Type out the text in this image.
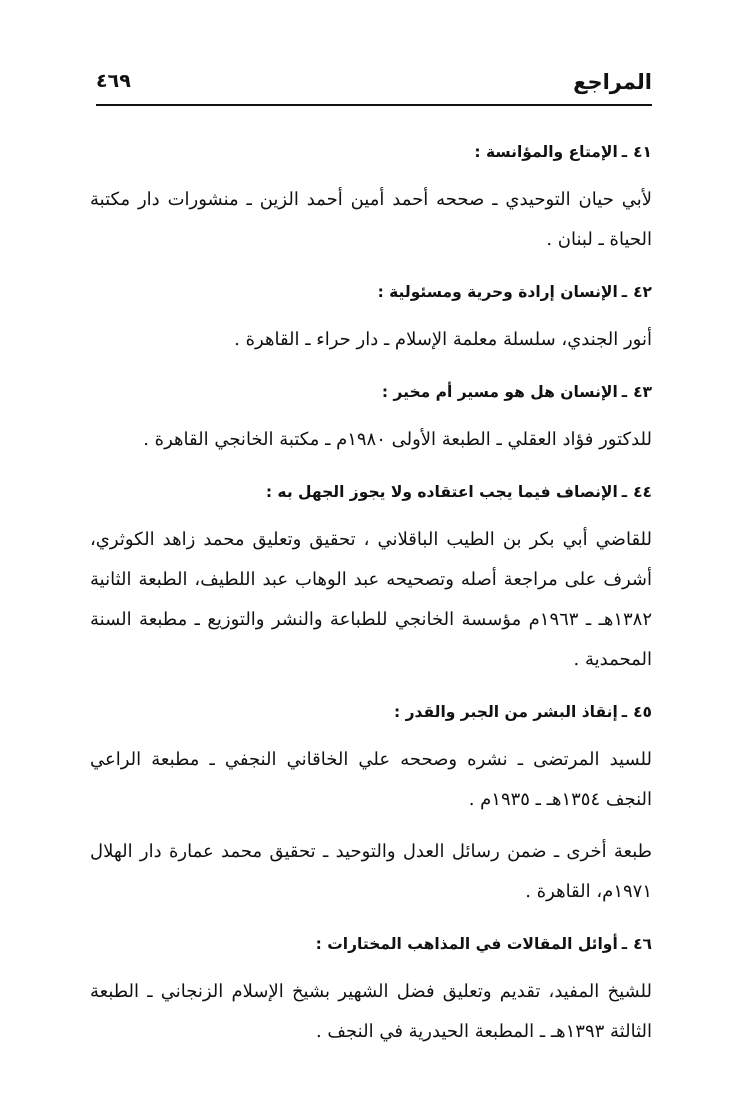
المراجع
٤٦٩
٤١ـالإمتاع والمؤانسة :

لأبي حيان التوحيدي ـ صححه أحمد أمين أحمد الزين ـ منشورات دار مكتبة الحياة ـ لبنان .

٤٢ـالإنسان إرادة وحرية ومسئولية :

أنور الجندي، سلسلة معلمة الإسلام ـ دار حراء ـ القاهرة .

٤٣ـالإنسان هل هو مسير أم مخير :

للدكتور فؤاد العقلي ـ الطبعة الأولى ١٩٨٠م ـ مكتبة الخانجي القاهرة .

٤٤ـالإنصاف فيما يجب اعتقاده ولا يجوز الجهل به :

للقاضي أبي بكر بن الطيب الباقلاني ، تحقيق وتعليق محمد زاهد الكوثري، أشرف على مراجعة أصله وتصحيحه عبد الوهاب عبد اللطيف، الطبعة الثانية ١٣٨٢هـ ـ ١٩٦٣م مؤسسة الخانجي للطباعة والنشر والتوزيع ـ مطبعة السنة المحمدية .

٤٥ـإنقاذ البشر من الجبر والقدر :

للسيد المرتضى ـ نشره وصححه علي الخاقاني النجفي ـ مطبعة الراعي النجف ١٣٥٤هـ ـ ١٩٣٥م .

طبعة أخرى ـ ضمن رسائل العدل والتوحيد ـ تحقيق محمد عمارة دار الهلال ١٩٧١م، القاهرة .

٤٦ـأوائل المقالات في المذاهب المختارات :

للشيخ المفيد، تقديم وتعليق فضل الشهير بشيخ الإسلام الزنجاني ـ الطبعة الثالثة ١٣٩٣هـ ـ المطبعة الحيدرية في النجف .
